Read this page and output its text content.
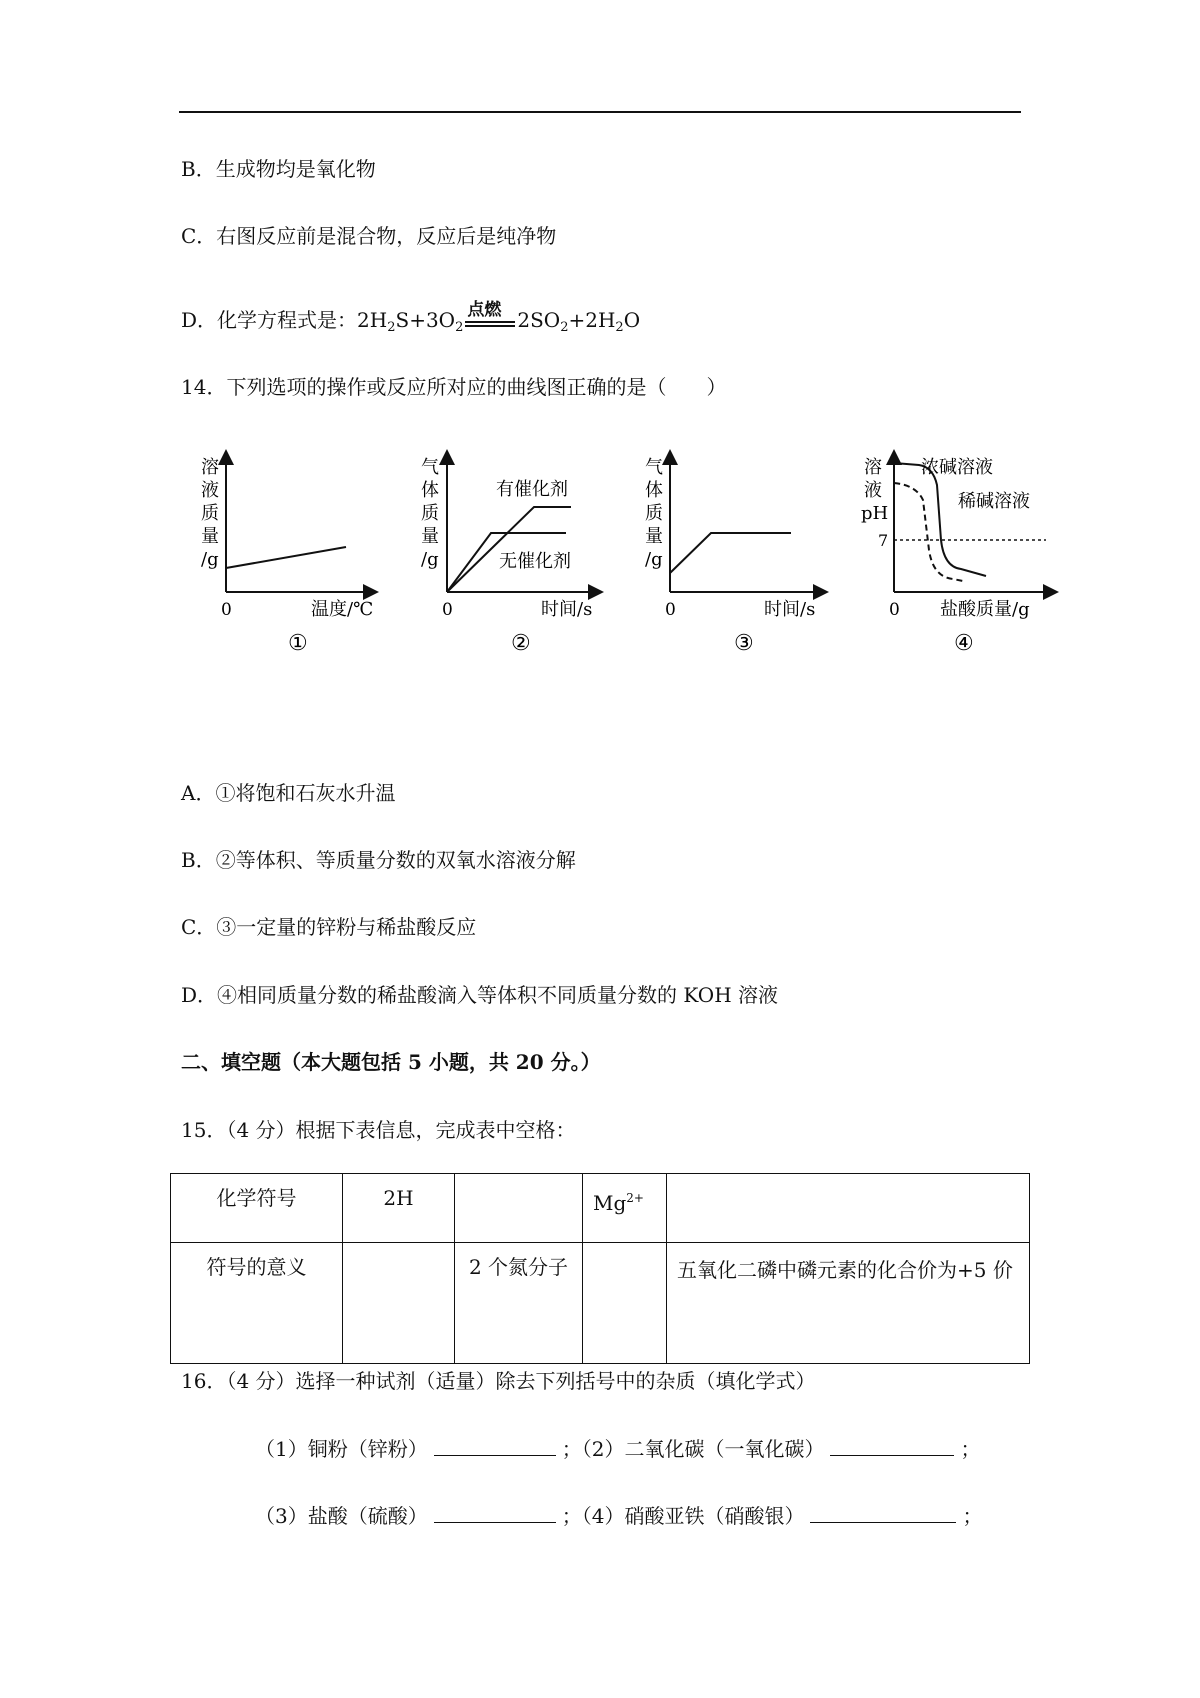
B．生成物均是氧化物
C．右图反应前是混合物，反应后是纯净物
D．化学方程式是：$2H_2S+3O_2$
点燃 $2SO_2+2H_2O$
14．下列选项的操作或反应所对应的曲线图正确的是（　　）
溶
液
质
量
/g
0	温度/℃
①
气
体
质
量
/g
有催化剂
无催化剂
0	时间/s
②
气
体
质
量
/g
0	时间/s
③
溶
液
pH
7
浓碱溶液
稀碱溶液
0 盐酸质量/g
④
A．①将饱和石灰水升温
B．②等体积、等质量分数的双氧水溶液分解
C．③一定量的锌粉与稀盐酸反应
D．④相同质量分数的稀盐酸滴入等体积不同质量分数的 KOH 溶液
二、填空题（本大题包括 5 小题，共 20 分。）
15．（4 分）根据下表信息，完成表中空格：
化学符号	2H		$Mg^{2+}$	
符号的意义		2 个氮分子		五氧化二磷中磷元素的化合价为+5 价
16．（4 分）选择一种试剂（适量）除去下列括号中的杂质（填化学式）
（1）铜粉（锌粉）	；（2）二氧化碳（一氧化碳）	；
（3）盐酸（硫酸）	；（4）硝酸亚铁（硝酸银）	；
